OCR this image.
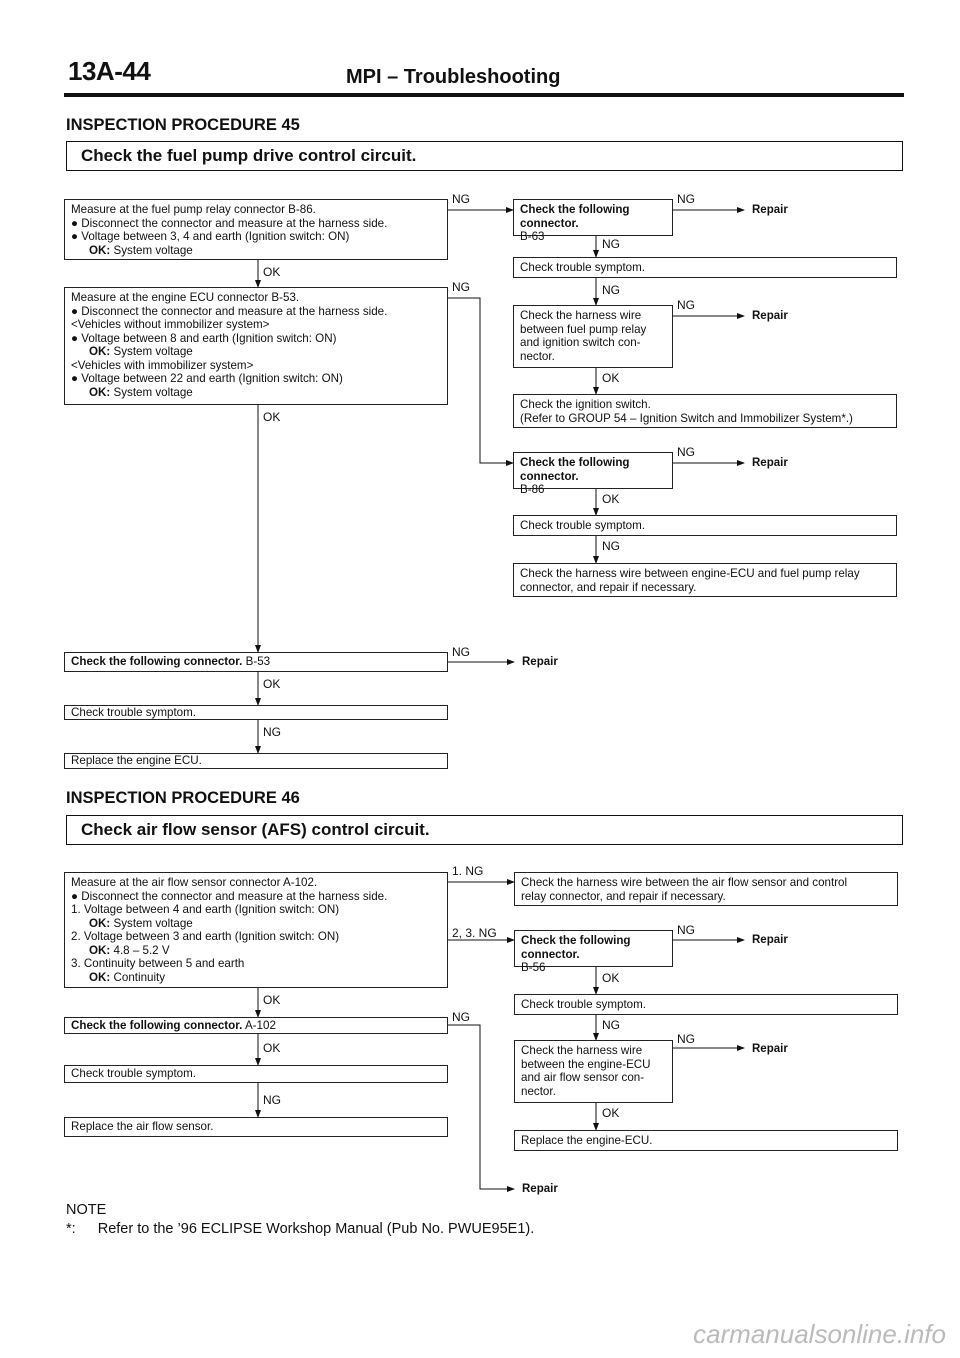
13A-44	MPI – Troubleshooting
INSPECTION PROCEDURE 45
Check the fuel pump drive control circuit.
Measure at the fuel pump relay connector B-86.
● Disconnect the connector and measure at the harness side.
● Voltage between 3, 4 and earth (Ignition switch: ON)
OK: System voltage
Measure at the engine ECU connector B-53.
● Disconnect the connector and measure at the harness side.
<Vehicles without immobilizer system>
● Voltage between 8 and earth (Ignition switch: ON)
OK: System voltage
<Vehicles with immobilizer system>
● Voltage between 22 and earth (Ignition switch: ON)
OK: System voltage
Check the following connector.
B-63
Check trouble symptom.
Check the harness wire between fuel pump relay and ignition switch con-nector.
Check the ignition switch.
(Refer to GROUP 54 – Ignition Switch and Immobilizer System*.)
Check the following connector.
B-86
Check trouble symptom.
Check the harness wire between engine-ECU and fuel pump relay
connector, and repair if necessary.
Check the following connector. B-53
Check trouble symptom.
Replace the engine ECU.
NG	NG
Repair
NG
OK
NG	NG
NG
Repair
OK
OK
NG
Repair
OK
NG
NG
Repair
OK
NG
INSPECTION PROCEDURE 46
Check air flow sensor (AFS) control circuit.
Measure at the air flow sensor connector A-102.
● Disconnect the connector and measure at the harness side.
1. Voltage between 4 and earth (Ignition switch: ON)
OK: System voltage
2. Voltage between 3 and earth (Ignition switch: ON)
OK: 4.8 – 5.2 V
3. Continuity between 5 and earth
OK: Continuity
Check the harness wire between the air flow sensor and control
relay connector, and repair if necessary.
Check the following connector.
B-56
Check trouble symptom.
Check the harness wire between the engine-ECU and air flow sensor con-nector.
Replace the engine-ECU.
Check the following connector. A-102
Check trouble symptom.
Replace the air flow sensor.
1. NG
2, 3. NG	NG
Repair
OK
OK
NG
NG
NG
Repair
OK
NG
OK
Repair
NOTE
*: Refer to the ’96 ECLIPSE Workshop Manual (Pub No. PWUE95E1).
carmanualsonline.info
